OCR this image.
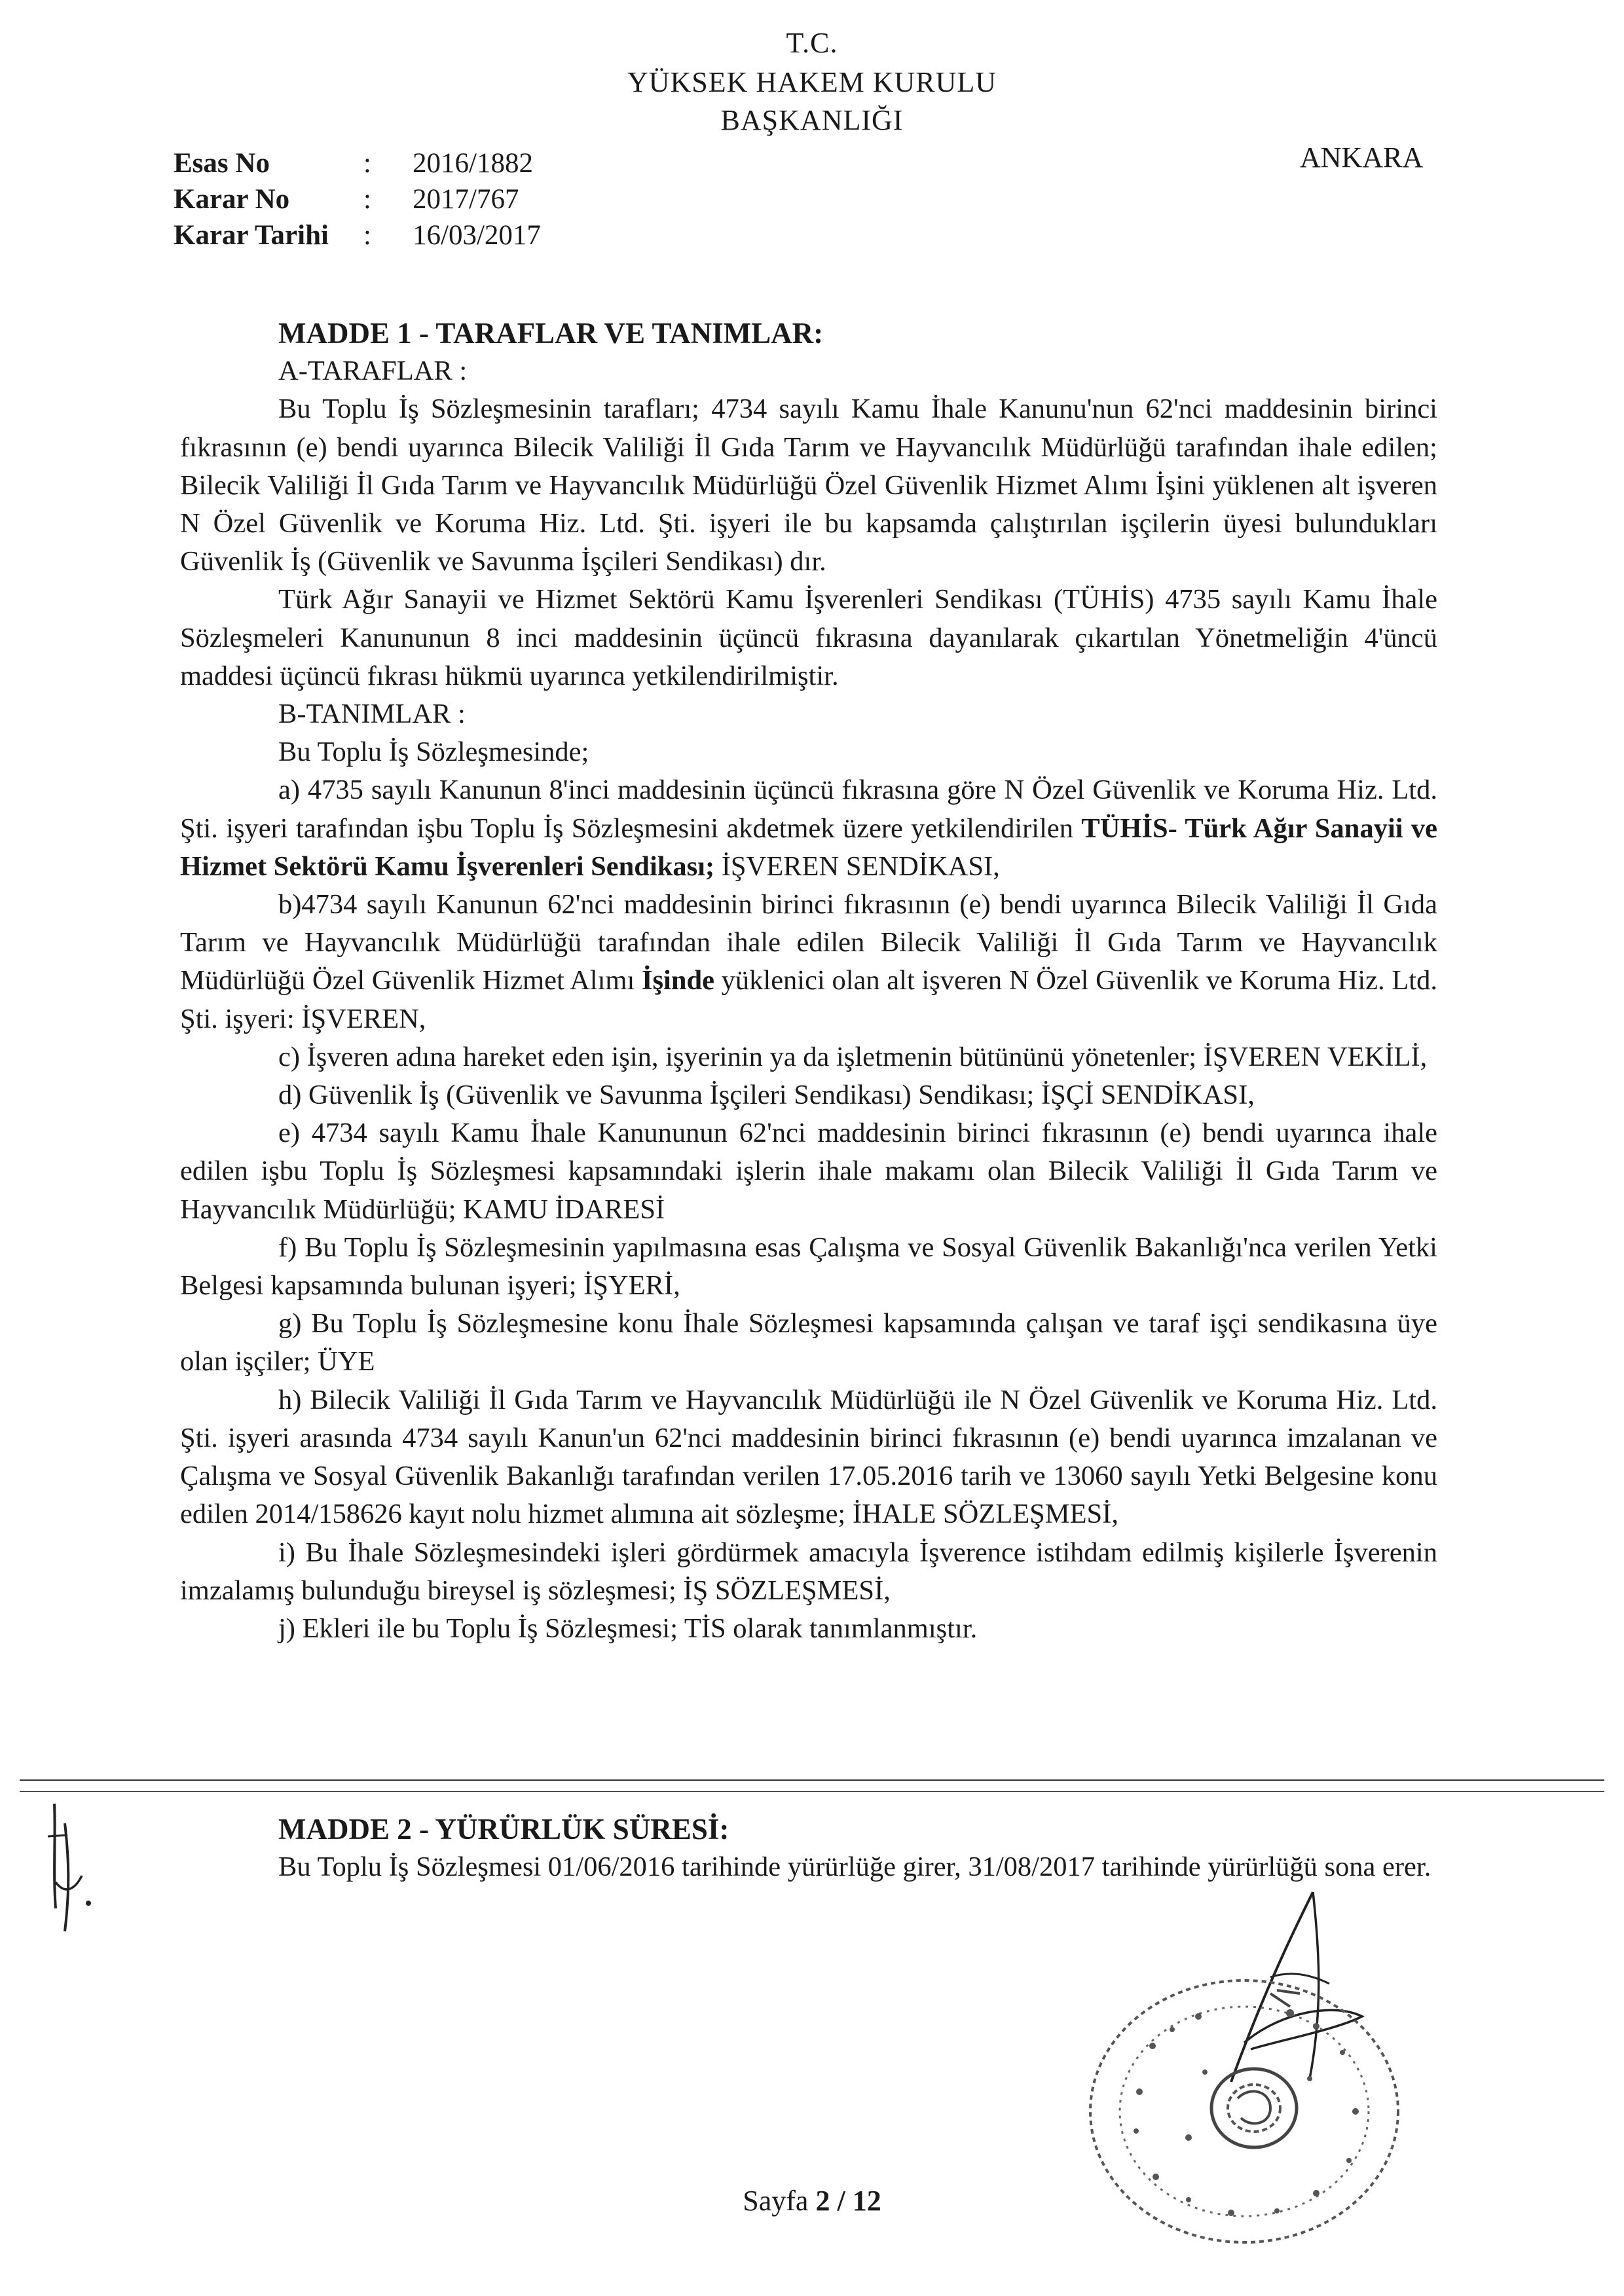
T.C.
YÜKSEK HAKEM KURULU
BAŞKANLIĞI
ANKARA
Esas No	:	2016/1882
Karar No	:	2017/767
Karar Tarihi	:	16/03/2017

MADDE 1 - TARAFLAR VE TANIMLAR:

A-TARAFLAR :

Bu Toplu İş Sözleşmesinin tarafları; 4734 sayılı Kamu İhale Kanunu'nun 62'nci maddesinin birinci fıkrasının (e) bendi uyarınca Bilecik Valiliği İl Gıda Tarım ve Hayvancılık Müdürlüğü tarafından ihale edilen; Bilecik Valiliği İl Gıda Tarım ve Hayvancılık Müdürlüğü Özel Güvenlik Hizmet Alımı İşini yüklenen alt işveren N Özel Güvenlik ve Koruma Hiz. Ltd. Şti. işyeri ile bu kapsamda çalıştırılan işçilerin üyesi bulundukları Güvenlik İş (Güvenlik ve Savunma İşçileri Sendikası) dır.

Türk Ağır Sanayii ve Hizmet Sektörü Kamu İşverenleri Sendikası (TÜHİS) 4735 sayılı Kamu İhale Sözleşmeleri Kanununun 8 inci maddesinin üçüncü fıkrasına dayanılarak çıkartılan Yönetmeliğin 4'üncü maddesi üçüncü fıkrası hükmü uyarınca yetkilendirilmiştir.

B-TANIMLAR :

Bu Toplu İş Sözleşmesinde;

a) 4735 sayılı Kanunun 8'inci maddesinin üçüncü fıkrasına göre N Özel Güvenlik ve Koruma Hiz. Ltd. Şti. işyeri tarafından işbu Toplu İş Sözleşmesini akdetmek üzere yetkilendirilen TÜHİS- Türk Ağır Sanayii ve Hizmet Sektörü Kamu İşverenleri Sendikası; İŞVEREN SENDİKASI,

b)4734 sayılı Kanunun 62'nci maddesinin birinci fıkrasının (e) bendi uyarınca Bilecik Valiliği İl Gıda Tarım ve Hayvancılık Müdürlüğü tarafından ihale edilen Bilecik Valiliği İl Gıda Tarım ve Hayvancılık Müdürlüğü Özel Güvenlik Hizmet Alımı İşinde yüklenici olan alt işveren N Özel Güvenlik ve Koruma Hiz. Ltd. Şti. işyeri: İŞVEREN,

c) İşveren adına hareket eden işin, işyerinin ya da işletmenin bütününü yönetenler; İŞVEREN VEKİLİ,

d) Güvenlik İş (Güvenlik ve Savunma İşçileri Sendikası) Sendikası; İŞÇİ SENDİKASI,

e) 4734 sayılı Kamu İhale Kanununun 62'nci maddesinin birinci fıkrasının (e) bendi uyarınca ihale edilen işbu Toplu İş Sözleşmesi kapsamındaki işlerin ihale makamı olan Bilecik Valiliği İl Gıda Tarım ve Hayvancılık Müdürlüğü; KAMU İDARESİ

f) Bu Toplu İş Sözleşmesinin yapılmasına esas Çalışma ve Sosyal Güvenlik Bakanlığı'nca verilen Yetki Belgesi kapsamında bulunan işyeri; İŞYERİ,

g) Bu Toplu İş Sözleşmesine konu İhale Sözleşmesi kapsamında çalışan ve taraf işçi sendikasına üye olan işçiler; ÜYE

h) Bilecik Valiliği İl Gıda Tarım ve Hayvancılık Müdürlüğü ile N Özel Güvenlik ve Koruma Hiz. Ltd. Şti. işyeri arasında 4734 sayılı Kanun'un 62'nci maddesinin birinci fıkrasının (e) bendi uyarınca imzalanan ve Çalışma ve Sosyal Güvenlik Bakanlığı tarafından verilen 17.05.2016 tarih ve 13060 sayılı Yetki Belgesine konu edilen 2014/158626 kayıt nolu hizmet alımına ait sözleşme; İHALE SÖZLEŞMESİ,

i) Bu İhale Sözleşmesindeki işleri gördürmek amacıyla İşverence istihdam edilmiş kişilerle İşverenin imzalamış bulunduğu bireysel iş sözleşmesi; İŞ SÖZLEŞMESİ,

j) Ekleri ile bu Toplu İş Sözleşmesi; TİS olarak tanımlanmıştır.

MADDE 2 - YÜRÜRLÜK SÜRESİ:

Bu Toplu İş Sözleşmesi 01/06/2016 tarihinde yürürlüğe girer, 31/08/2017 tarihinde yürürlüğü sona erer.

Sayfa 2 / 12
